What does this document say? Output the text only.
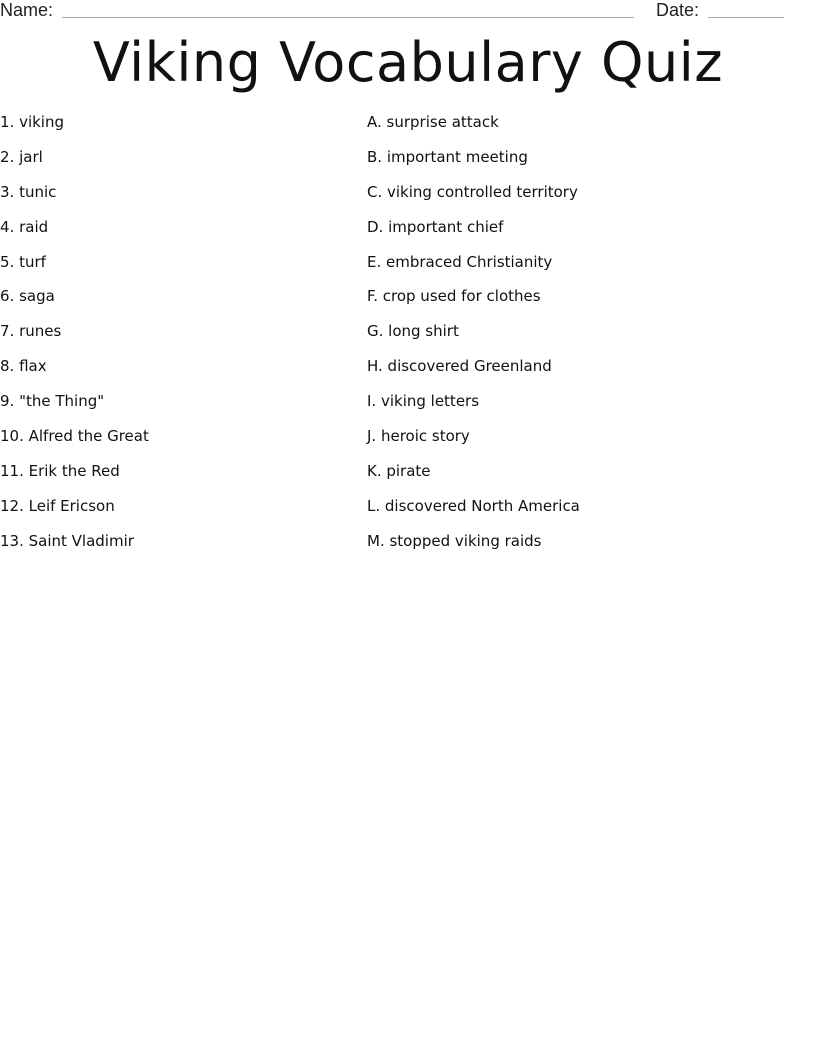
Name:	Date:
Viking Vocabulary Quiz
1. viking
2. jarl
3. tunic
4. raid
5. turf
6. saga
7. runes
8. flax
9. "the Thing"
10. Alfred the Great
11. Erik the Red
12. Leif Ericson
13. Saint Vladimir
A. surprise attack
B. important meeting
C. viking controlled territory
D. important chief
E. embraced Christianity
F. crop used for clothes
G. long shirt
H. discovered Greenland
I. viking letters
J. heroic story
K. pirate
L. discovered North America
M. stopped viking raids
